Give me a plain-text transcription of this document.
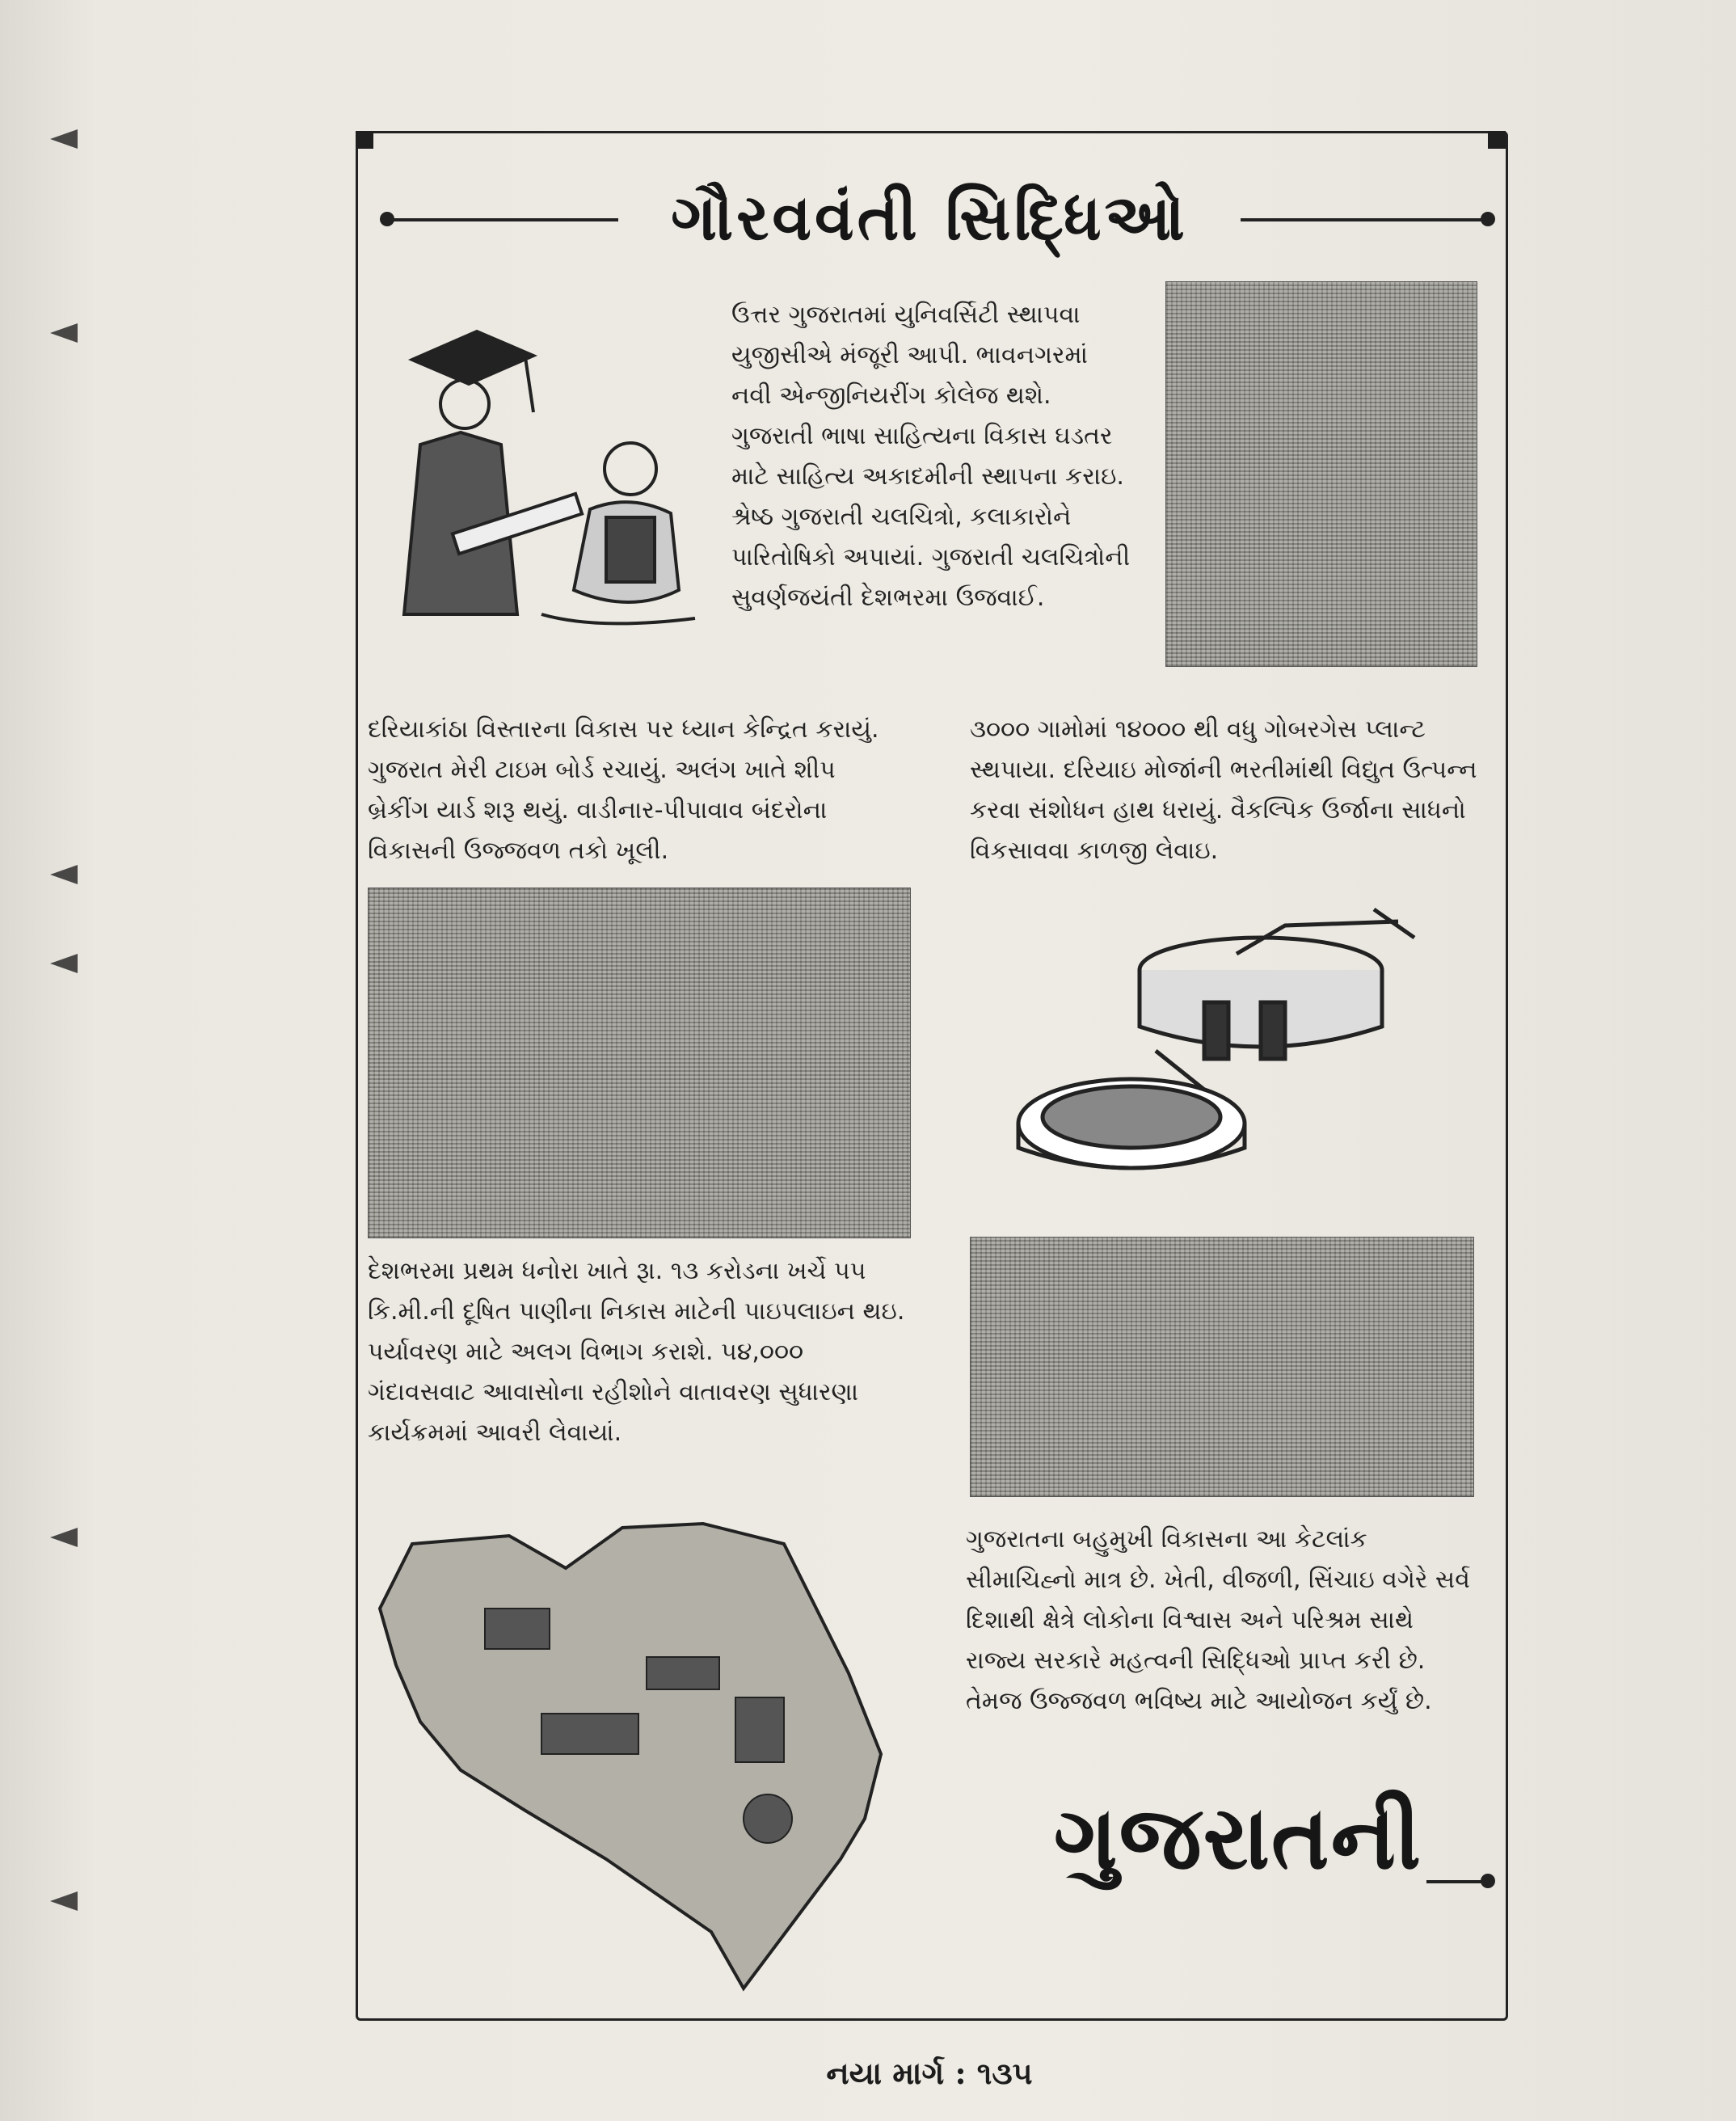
ગૌરવવંતી સિદ્ધિઓ
ઉત્તર ગુજરાતમાં યુનિવર્સિટી સ્થાપવા યુજીસીએ મંજૂરી આપી. ભાવનગરમાં નવી એન્જીનિયરીંગ કોલેજ થશે. ગુજરાતી ભાષા સાહિત્યના વિકાસ ઘડતર માટે સાહિત્ય અકાદમીની સ્થાપના કરાઇ. શ્રેષ્ઠ ગુજરાતી ચલચિત્રો, કલાકારોને પારિતોષિકો અપાયાં. ગુજરાતી ચલચિત્રોની સુવર્ણજયંતી દેશભરમા ઉજવાઈ.
દરિયાકાંઠા વિસ્તારના વિકાસ પર ધ્યાન કેન્દ્રિત કરાયું. ગુજરાત મેરી ટાઇમ બોર્ડ રચાયું. અલંગ ખાતે શીપ બ્રેકીંગ યાર્ડ શરૂ થયું. વાડીનાર-પીપાવાવ બંદરોના વિકાસની ઉજ્જવળ તકો ખૂલી.
૩૦૦૦ ગામોમાં ૧૪૦૦૦ થી વધુ ગોબરગેસ પ્લાન્ટ સ્થપાયા. દરિયાઇ મોજાંની ભરતીમાંથી વિદ્યુત ઉત્પન્ન કરવા સંશોધન હાથ ધરાયું. વૈકલ્પિક ઉર્જાના સાધનો વિકસાવવા કાળજી લેવાઇ.
દેશભરમા પ્રથમ ધનોરા ખાતે રૂા. ૧૩ કરોડના ખર્ચે ૫૫ કિ.મી.ની દૂષિત પાણીના નિકાસ માટેની પાઇપલાઇન થઇ. પર્યાવરણ માટે અલગ વિભાગ કરાશે. ૫૪,૦૦૦ ગંદાવસવાટ આવાસોના રહીશોને વાતાવરણ સુધારણા કાર્યક્રમમાં આવરી લેવાયાં.
ગુજરાતના બહુમુખી વિકાસના આ કેટલાંક સીમાચિહ્નો માત્ર છે. ખેતી, વીજળી, સિંચાઇ વગેરે સર્વ દિશાથી ક્ષેત્રે લોકોના વિશ્વાસ અને પરિશ્રમ સાથે રાજ્ય સરકારે મહત્વની સિદ્ધિઓ પ્રાપ્ત કરી છે. તેમજ ઉજ્જવળ ભવિષ્ય માટે આયોજન કર્યું છે.
ગુજરાતની
નયા માર્ગ : ૧૩૫
